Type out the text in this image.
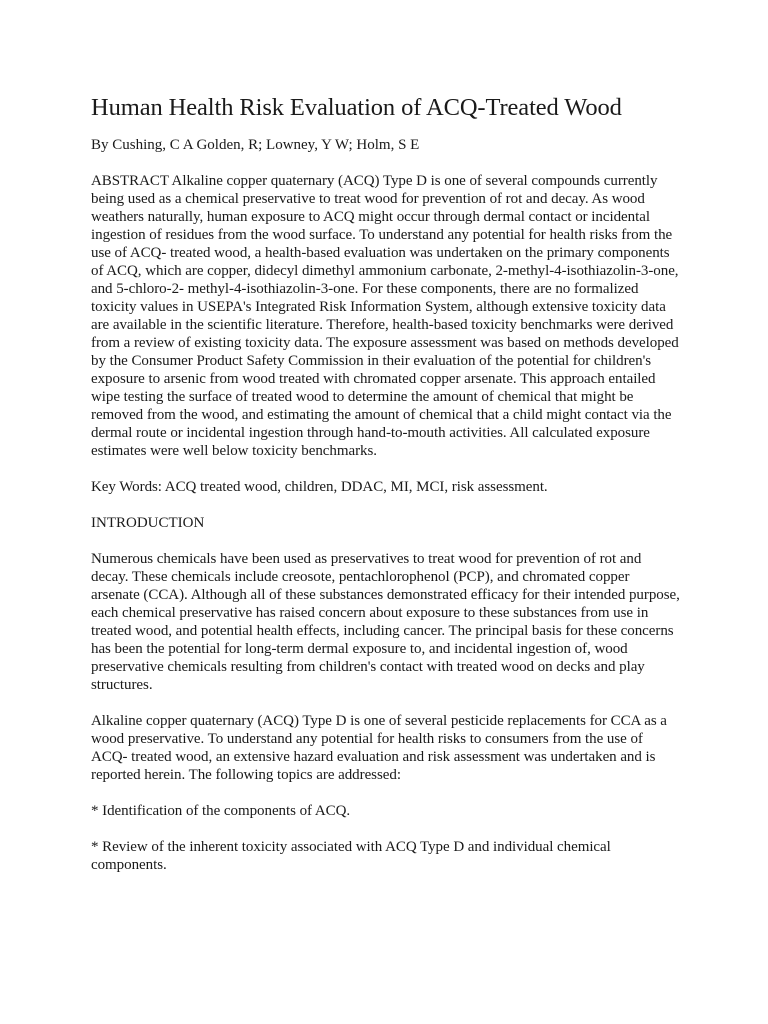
Human Health Risk Evaluation of ACQ-Treated Wood

By Cushing, C A Golden, R; Lowney, Y W; Holm, S E

ABSTRACT Alkaline copper quaternary (ACQ) Type D is one of several compounds currently being used as a chemical preservative to treat wood for prevention of rot and decay. As wood weathers naturally, human exposure to ACQ might occur through dermal contact or incidental ingestion of residues from the wood surface. To understand any potential for health risks from the use of ACQ- treated wood, a health-based evaluation was undertaken on the primary components of ACQ, which are copper, didecyl dimethyl ammonium carbonate, 2-methyl-4-isothiazolin-3-one, and 5-chloro-2- methyl-4-isothiazolin-3-one. For these components, there are no formalized toxicity values in USEPA's Integrated Risk Information System, although extensive toxicity data are available in the scientific literature. Therefore, health-based toxicity benchmarks were derived from a review of existing toxicity data. The exposure assessment was based on methods developed by the Consumer Product Safety Commission in their evaluation of the potential for children's exposure to arsenic from wood treated with chromated copper arsenate. This approach entailed wipe testing the surface of treated wood to determine the amount of chemical that might be removed from the wood, and estimating the amount of chemical that a child might contact via the dermal route or incidental ingestion through hand-to-mouth activities. All calculated exposure estimates were well below toxicity benchmarks.

Key Words: ACQ treated wood, children, DDAC, MI, MCI, risk assessment.

INTRODUCTION

Numerous chemicals have been used as preservatives to treat wood for prevention of rot and decay. These chemicals include creosote, pentachlorophenol (PCP), and chromated copper arsenate (CCA). Although all of these substances demonstrated efficacy for their intended purpose, each chemical preservative has raised concern about exposure to these substances from use in treated wood, and potential health effects, including cancer. The principal basis for these concerns has been the potential for long-term dermal exposure to, and incidental ingestion of, wood preservative chemicals resulting from children's contact with treated wood on decks and play structures.

Alkaline copper quaternary (ACQ) Type D is one of several pesticide replacements for CCA as a wood preservative. To understand any potential for health risks to consumers from the use of ACQ- treated wood, an extensive hazard evaluation and risk assessment was undertaken and is reported herein. The following topics are addressed:

* Identification of the components of ACQ.

* Review of the inherent toxicity associated with ACQ Type D and individual chemical components.
